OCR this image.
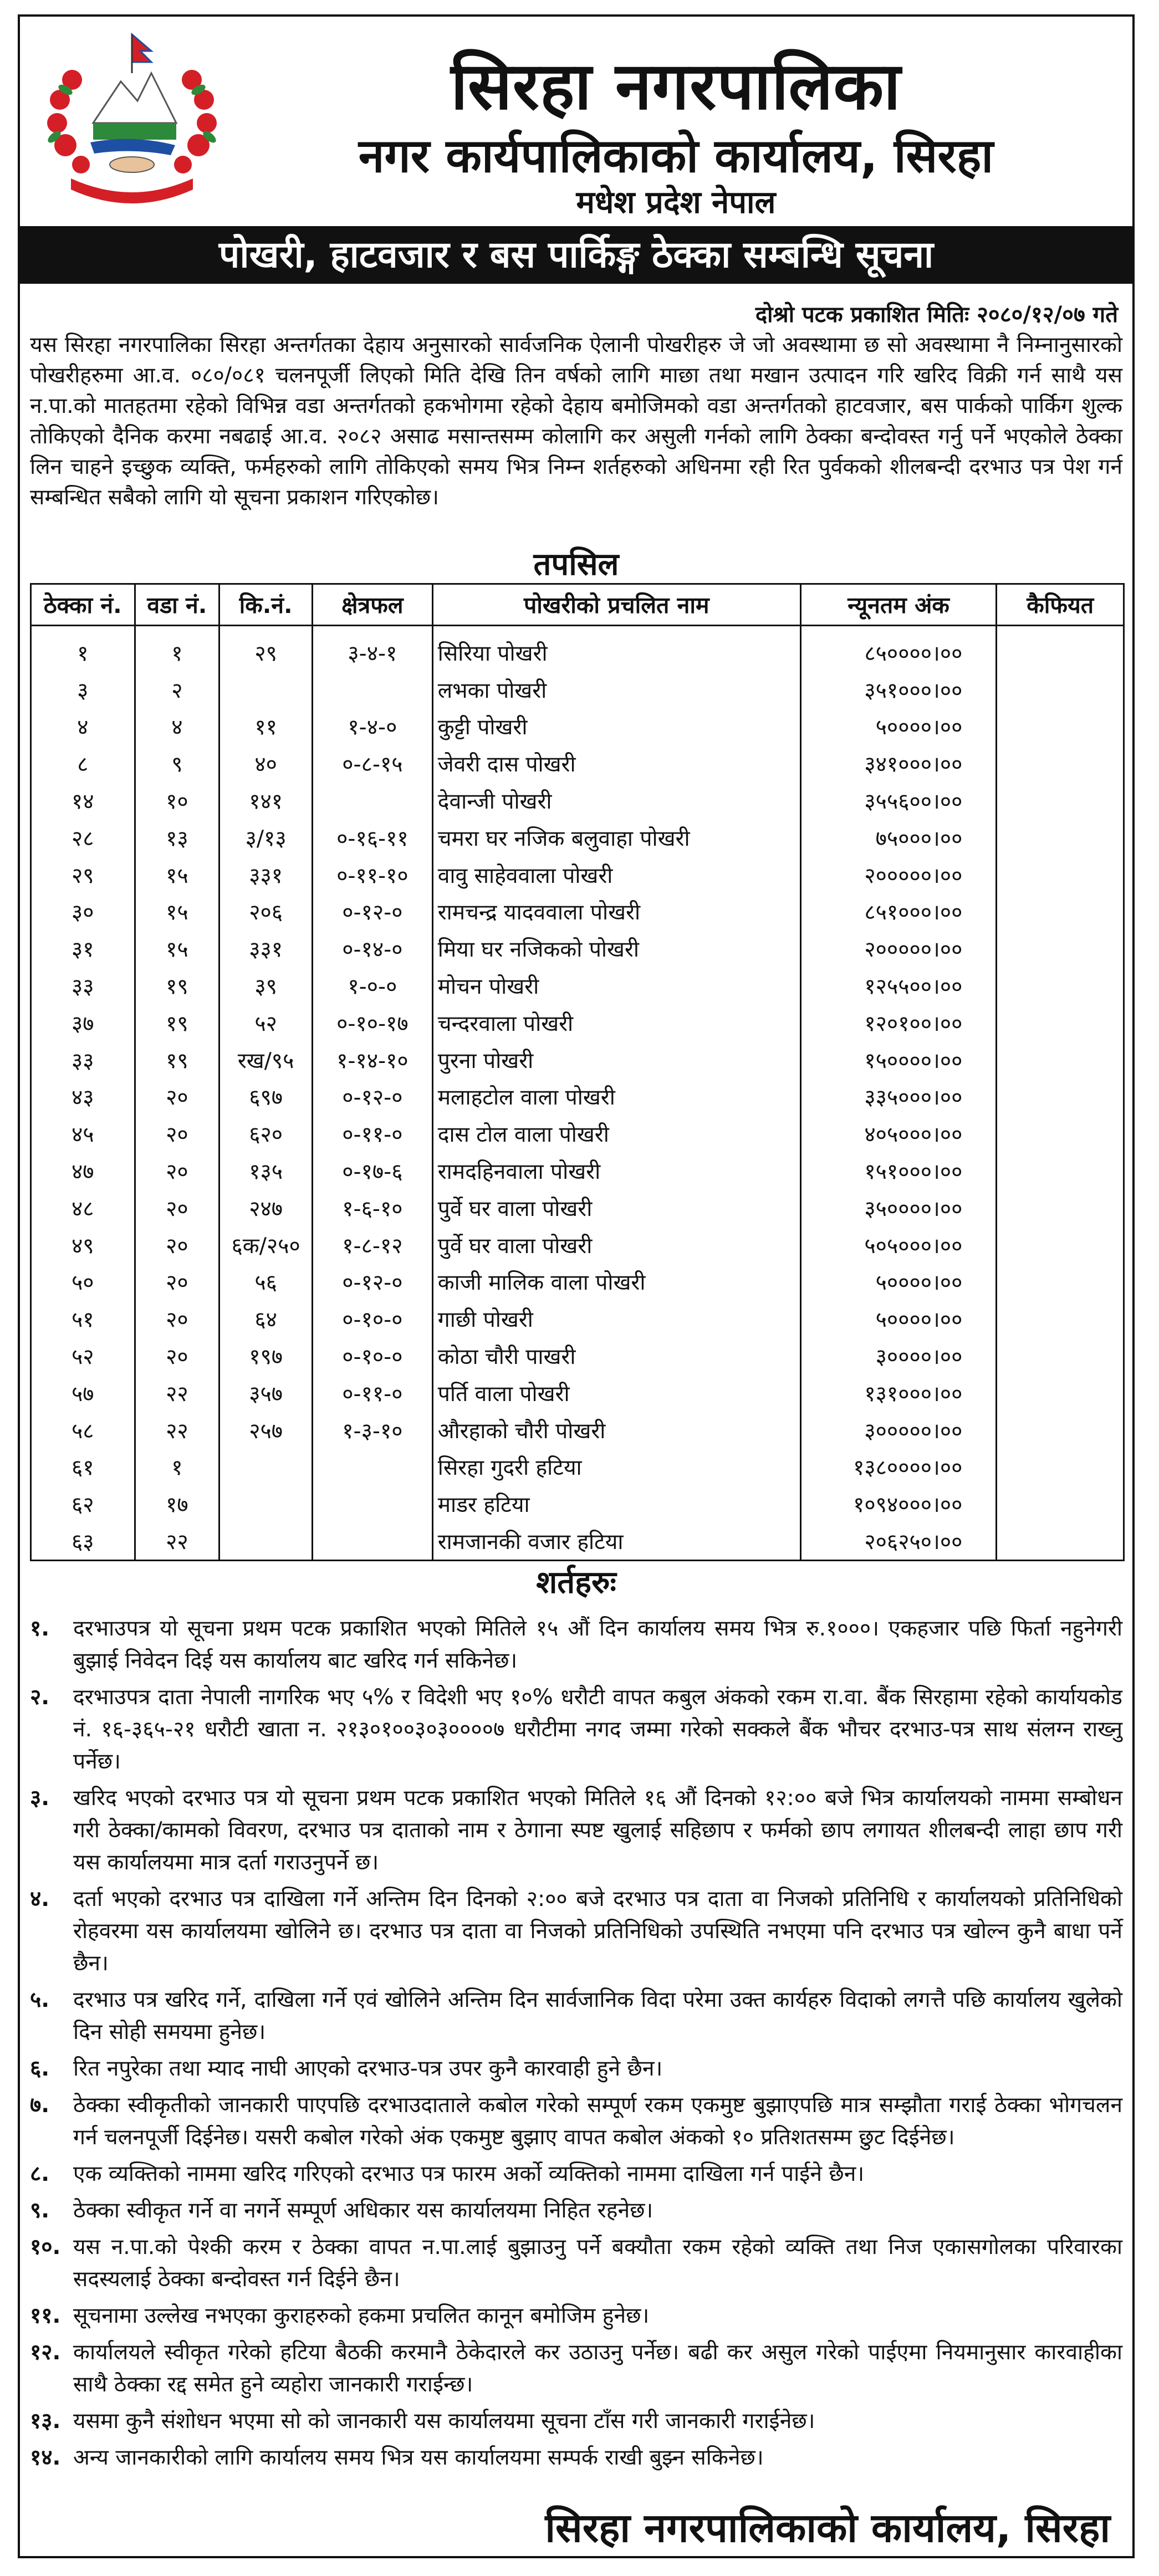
सिरहा नगरपालिका
नगर कार्यपालिकाको कार्यालय, सिरहा
मधेश प्रदेश नेपाल
पोखरी, हाटवजार र बस पार्किङ्ग ठेक्का सम्बन्धि सूचना
दोश्रो पटक प्रकाशित मितिः २०८०/१२/०७ गते
यस सिरहा नगरपालिका सिरहा अन्तर्गतका देहाय अनुसारको सार्वजनिक ऐलानी पोखरीहरु जे जो अवस्थामा छ सो अवस्थामा नै निम्नानुसारको पोखरीहरुमा आ.व. ०८०/०८१ चलनपूर्जी लिएको मिति देखि तिन वर्षको लागि माछा तथा मखान उत्पादन गरि खरिद विक्री गर्न साथै यस न.पा.को मातहतमा रहेको विभिन्न वडा अन्तर्गतको हकभोगमा रहेको देहाय बमोजिमको वडा अन्तर्गतको हाटवजार, बस पार्कको पार्किग शुल्क तोकिएको दैनिक करमा नबढाई आ.व. २०८२ असाढ मसान्तसम्म कोलागि कर असुली गर्नको लागि ठेक्का बन्दोवस्त गर्नु पर्ने भएकोले ठेक्का लिन चाहने इच्छुक व्यक्ति, फर्महरुको लागि तोकिएको समय भित्र निम्न शर्तहरुको अधिनमा रही रित पुर्वकको शीलबन्दी दरभाउ पत्र पेश गर्न सम्बन्धित सबैको लागि यो सूचना प्रकाशन गरिएकोछ।
तपसिल
ठेक्का नं.	वडा नं.	कि.नं.	क्षेत्रफल	पोखरीको प्रचलित नाम	न्यूनतम अंक	कैफियत

१	१	२९	३-४-१	सिरिया पोखरी	८५००००।००	
३	२			लभका पोखरी	३५१०००।००	
४	४	११	१-४-०	कुट्टी पोखरी	५००००।००	
८	९	४०	०-८-१५	जेवरी दास पोखरी	३४१०००।००	
१४	१०	१४१		देवान्जी पोखरी	३५५६००।००	
२८	१३	३/१३	०-१६-११	चमरा घर नजिक बलुवाहा पोखरी	७५०००।००	
२९	१५	३३१	०-११-१०	वावु साहेववाला पोखरी	२०००००।००	
३०	१५	२०६	०-१२-०	रामचन्द्र यादववाला पोखरी	८५१०००।००	
३१	१५	३३१	०-१४-०	मिया घर नजिकको पोखरी	२०००००।००	
३३	१९	३९	१-०-०	मोचन पोखरी	१२५५००।००	
३७	१९	५२	०-१०-१७	चन्दरवाला पोखरी	१२०१००।००	
३३	१९	रख/९५	१-१४-१०	पुरना पोखरी	१५००००।००	
४३	२०	६९७	०-१२-०	मलाहटोल वाला पोखरी	३३५०००।००	
४५	२०	६२०	०-११-०	दास टोल वाला पोखरी	४०५०००।००	
४७	२०	१३५	०-१७-६	रामदहिनवाला पोखरी	१५१०००।००	
४८	२०	२४७	१-६-१०	पुर्वे घर वाला पोखरी	३५००००।००	
४९	२०	६क/२५०	१-८-१२	पुर्वे घर वाला पोखरी	५०५०००।००	
५०	२०	५६	०-१२-०	काजी मालिक वाला पोखरी	५००००।००	
५१	२०	६४	०-१०-०	गाछी पोखरी	५००००।००	
५२	२०	१९७	०-१०-०	कोठा चौरी पाखरी	३००००।००	
५७	२२	३५७	०-११-०	पर्ति वाला पोखरी	१३१०००।००	
५८	२२	२५७	१-३-१०	औरहाको चौरी पोखरी	३०००००।००	
६१	१			सिरहा गुदरी हटिया	१३८००००।००	
६२	१७			माडर हटिया	१०९४०००।००	
६३	२२			रामजानकी वजार हटिया	२०६२५०।००	
शर्तहरुः
१.	दरभाउपत्र यो सूचना प्रथम पटक प्रकाशित भएको मितिले १५ औं दिन कार्यालय समय भित्र रु.१०००। एकहजार पछि फिर्ता नहुनेगरी बुझाई निवेदन दिई यस कार्यालय बाट खरिद गर्न सकिनेछ।
२.	दरभाउपत्र दाता नेपाली नागरिक भए ५% र विदेशी भए १०% धरौटी वापत कबुल अंकको रकम रा.वा. बैंक सिरहामा रहेको कार्यायकोड नं. १६-३६५-२१ धरौटी खाता न. २१३०१००३०३००००७ धरौटीमा नगद जम्मा गरेको सक्कले बैंक भौचर दरभाउ-पत्र साथ संलग्न राख्नु पर्नेछ।
३.	खरिद भएको दरभाउ पत्र यो सूचना प्रथम पटक प्रकाशित भएको मितिले १६ औं दिनको १२:०० बजे भित्र कार्यालयको नाममा सम्बोधन गरी ठेक्का/कामको विवरण, दरभाउ पत्र दाताको नाम र ठेगाना स्पष्ट खुलाई सहिछाप र फर्मको छाप लगायत शीलबन्दी लाहा छाप गरी यस कार्यालयमा मात्र दर्ता गराउनुपर्ने छ।
४.	दर्ता भएको दरभाउ पत्र दाखिला गर्ने अन्तिम दिन दिनको २:०० बजे दरभाउ पत्र दाता वा निजको प्रतिनिधि र कार्यालयको प्रतिनिधिको रोहवरमा यस कार्यालयमा खोलिने छ। दरभाउ पत्र दाता वा निजको प्रतिनिधिको उपस्थिति नभएमा पनि दरभाउ पत्र खोल्न कुनै बाधा पर्ने छैन।
५.	दरभाउ पत्र खरिद गर्ने, दाखिला गर्ने एवं खोलिने अन्तिम दिन सार्वजानिक विदा परेमा उक्त कार्यहरु विदाको लगत्तै पछि कार्यालय खुलेको दिन सोही समयमा हुनेछ।
६.	रित नपुरेका तथा म्याद नाघी आएको दरभाउ-पत्र उपर कुनै कारवाही हुने छैन।
७.	ठेक्का स्वीकृतीको जानकारी पाएपछि दरभाउदाताले कबोल गरेको सम्पूर्ण रकम एकमुष्ट बुझाएपछि मात्र सम्झौता गराई ठेक्का भोगचलन गर्न चलनपूर्जी दिईनेछ। यसरी कबोल गरेको अंक एकमुष्ट बुझाए वापत कबोल अंकको १० प्रतिशतसम्म छुट दिईनेछ।
८.	एक व्यक्तिको नाममा खरिद गरिएको दरभाउ पत्र फारम अर्को व्यक्तिको नाममा दाखिला गर्न पाईने छैन।
९.	ठेक्का स्वीकृत गर्ने वा नगर्ने सम्पूर्ण अधिकार यस कार्यालयमा निहित रहनेछ।
१०. यस न.पा.को पेश्की करम र ठेक्का वापत न.पा.लाई बुझाउनु पर्ने बक्यौता रकम रहेको व्यक्ति तथा निज एकासगोलका परिवारका सदस्यलाई ठेक्का बन्दोवस्त गर्न दिईने छैन।
११. सूचनामा उल्लेख नभएका कुराहरुको हकमा प्रचलित कानून बमोजिम हुनेछ।
१२. कार्यालयले स्वीकृत गरेको हटिया बैठकी करमानै ठेकेदारले कर उठाउनु पर्नेछ। बढी कर असुल गरेको पाईएमा नियमानुसार कारवाहीका साथै ठेक्का रद्द समेत हुने व्यहोरा जानकारी गराईन्छ।
१३. यसमा कुनै संशोधन भएमा सो को जानकारी यस कार्यालयमा सूचना टाँस गरी जानकारी गराईनेछ।
१४. अन्य जानकारीको लागि कार्यालय समय भित्र यस कार्यालयमा सम्पर्क राखी बुझ्न सकिनेछ।
सिरहा नगरपालिकाको कार्यालय, सिरहा
